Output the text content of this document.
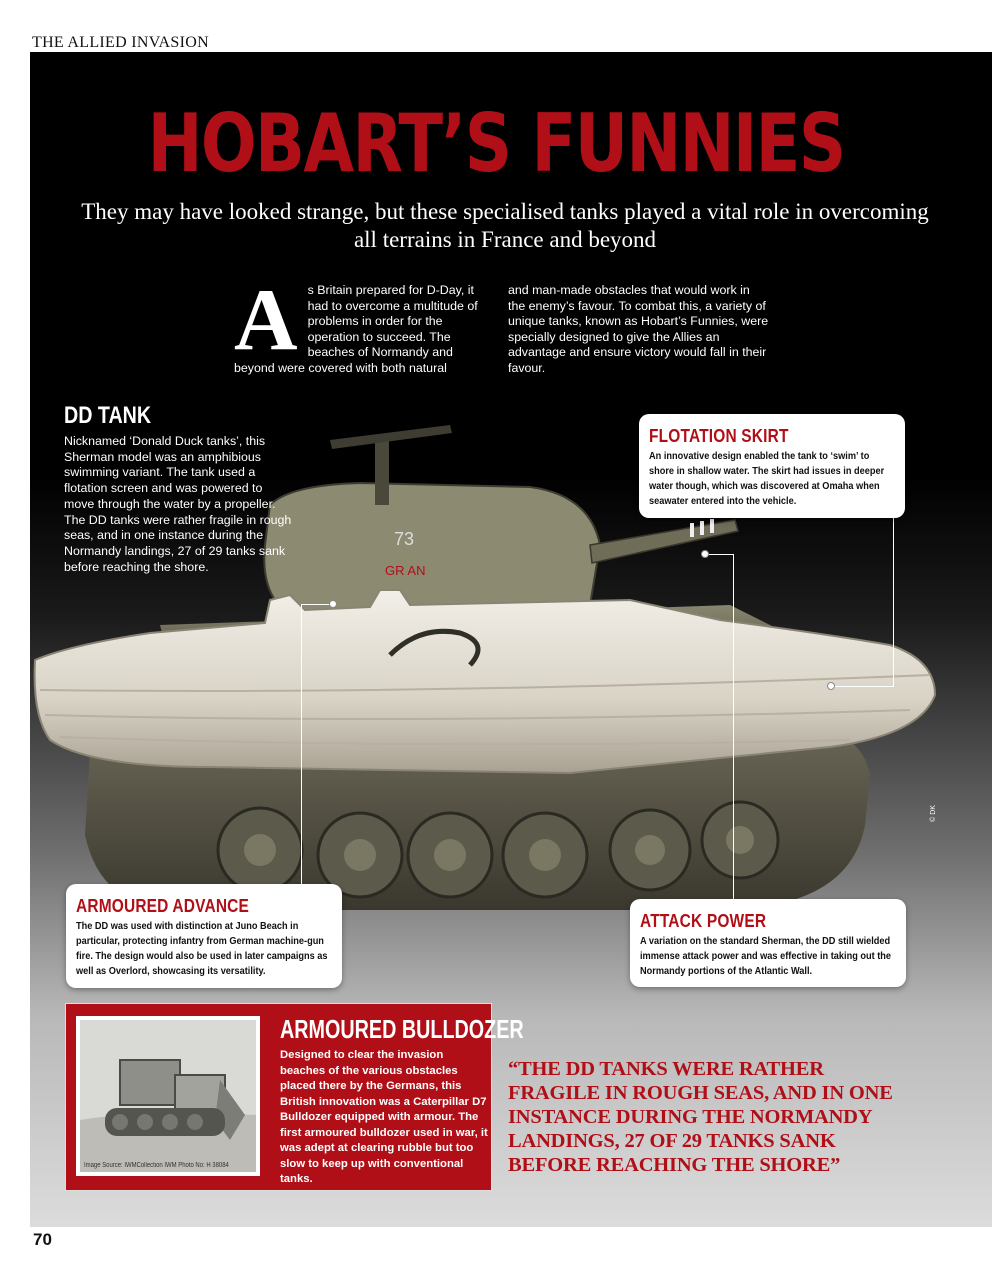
THE ALLIED INVASION
HOBART’S FUNNIES
They may have looked strange, but these specialised tanks played a vital role in overcoming all terrains in France and beyond
A s Britain prepared for D-Day, it had to overcome a multitude of problems in order for the operation to succeed. The beaches of Normandy and beyond were covered with both natural
and man-made obstacles that would work in the enemy’s favour. To combat this, a variety of unique tanks, known as Hobart’s Funnies, were specially designed to give the Allies an advantage and ensure victory would fall in their favour.
73
GR AN
DD TANK
Nicknamed ‘Donald Duck tanks’, this Sherman model was an amphibious swimming variant. The tank used a flotation screen and was powered to move through the water by a propeller. The DD tanks were rather fragile in rough seas, and in one instance during the Normandy landings, 27 of 29 tanks sank before reaching the shore.
FLOTATION SKIRT

An innovative design enabled the tank to ‘swim’ to shore in shallow water. The skirt had issues in deeper water though, which was discovered at Omaha when seawater entered into the vehicle.

ARMOURED ADVANCE

The DD was used with distinction at Juno Beach in particular, protecting infantry from German machine-gun fire. The design would also be used in later campaigns as well as Overlord, showcasing its versatility.

ATTACK POWER

A variation on the standard Sherman, the DD still wielded immense attack power and was effective in taking out the Normandy portions of the Atlantic Wall.

© DK
Image Source: IWMCollection IWM Photo No: H 38084
ARMOURED BULLDOZER
Designed to clear the invasion beaches of the various obstacles placed there by the Germans, this British innovation was a Caterpillar D7 Bulldozer equipped with armour. The first armoured bulldozer used in war, it was adept at clearing rubble but too slow to keep up with conventional tanks.
“THE DD TANKS WERE RATHER FRAGILE IN ROUGH SEAS, AND IN ONE INSTANCE DURING THE NORMANDY LANDINGS, 27 OF 29 TANKS SANK BEFORE REACHING THE SHORE”
70
